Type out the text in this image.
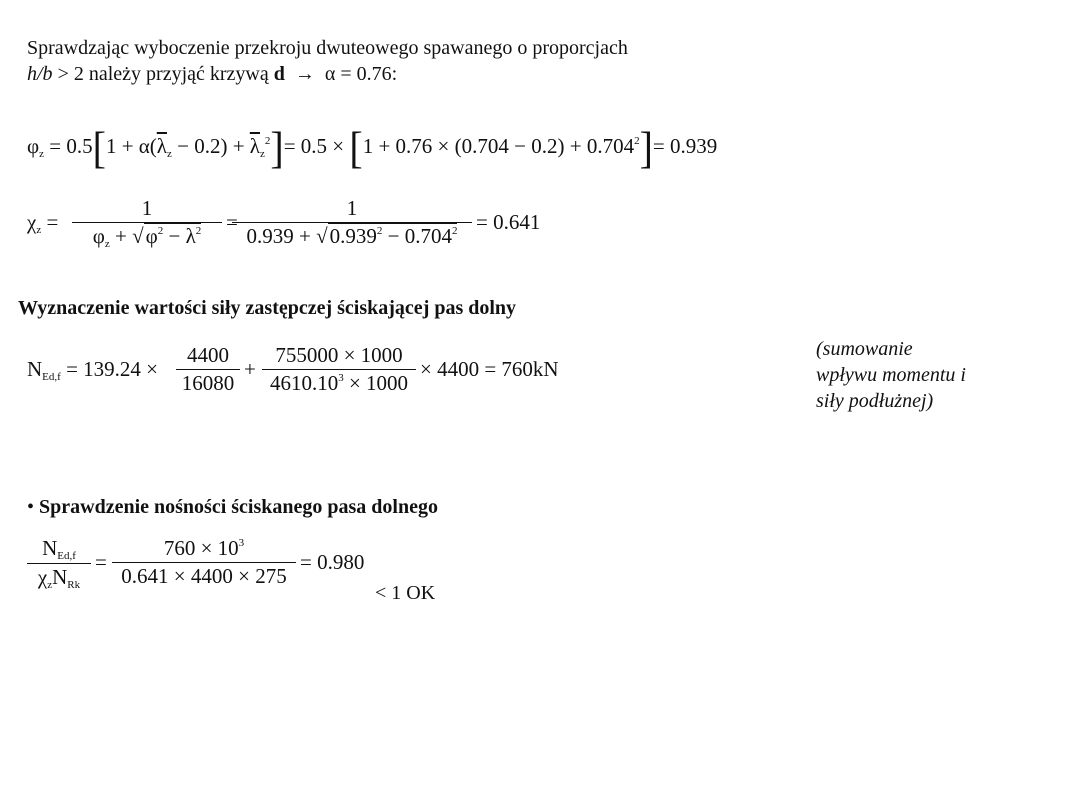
Sprawdzając wyboczenie przekroju dwuteowego spawanego o proporcjach
h/b > 2 należy przyjąć krzywą d → α = 0.76:
$\varphi_z = 0.5[1 + \alpha(\overline{\lambda}_z - 0.2) + \overline{\lambda}_z^2]= 0.5 \times [1 + 0.76 \times (0.704 - 0.2) + 0.704^2]= 0.939$
$\chi_z$ =
1
$\varphi_z + √\varphi^2 - \overline{\lambda}^2$	=
1
$0.939 + √0.939^2 - 0.704^2 = 0.641$
Wyznaczenie wartości siły zastępczej ściskającej pas dolny
$N_{Ed,f} = 139.24$ ×
4400
16080
+
755000 × 1000
$4610.10^3 \times 1000$
× 4400 = 760kN
(sumowanie
wpływu momentu i
siły podłużnej)
• Sprawdzenie nośności ściskanego pasa dolnego
$N_{Ed,f}$
$\chi_zN_{Rk}$
=
$760 \times 10^3$
0.641 × 4400 × 275
= 0.980
< 1 OK
